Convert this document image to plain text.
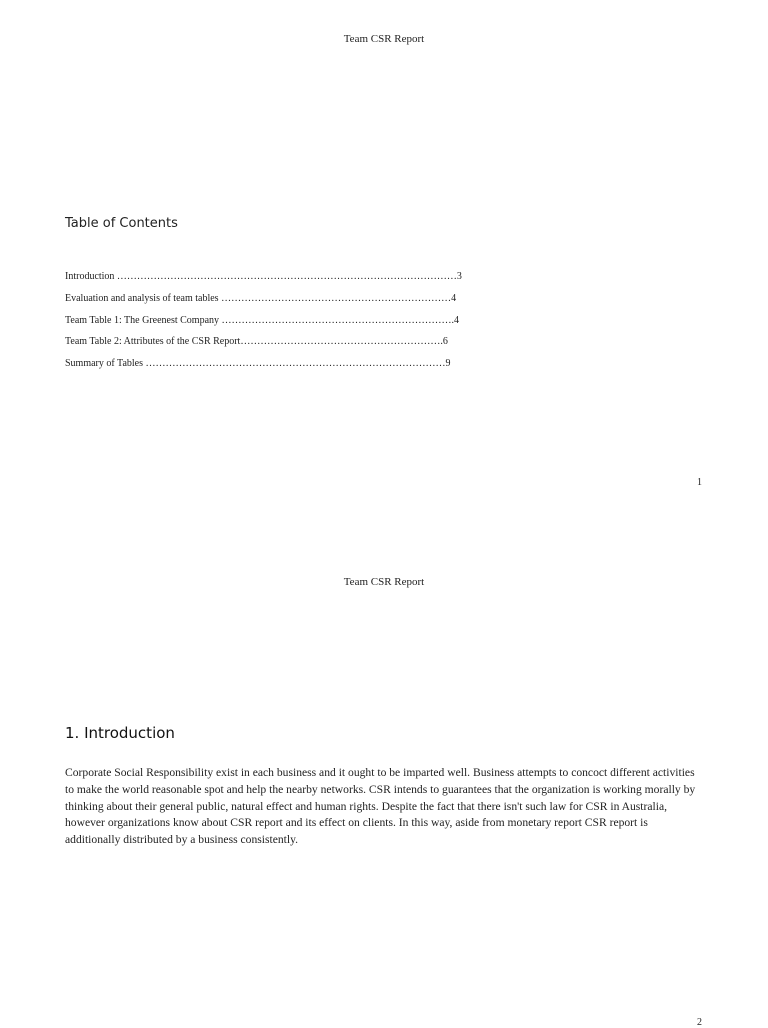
Team CSR Report
Table of Contents
Introduction …………………………………………………………………………………………3
Evaluation and analysis of team tables ……………………………………………………………4
Team Table 1: The Greenest Company …………………………………………………………….4
Team Table 2: Attributes of the CSR Report…………………………………………………….6
Summary of Tables ………………………………………………………………………………9
1
Team CSR Report
1. Introduction

Corporate Social Responsibility exist in each business and it ought to be imparted well. Business attempts to concoct different activities to make the world reasonable spot and help the nearby networks. CSR intends to guarantees that the organization is working morally by thinking about their general public, natural effect and human rights. Despite the fact that there isn't such law for CSR in Australia, however organizations know about CSR report and its effect on clients. In this way, aside from monetary report CSR report is additionally distributed by a business consistently.

2
